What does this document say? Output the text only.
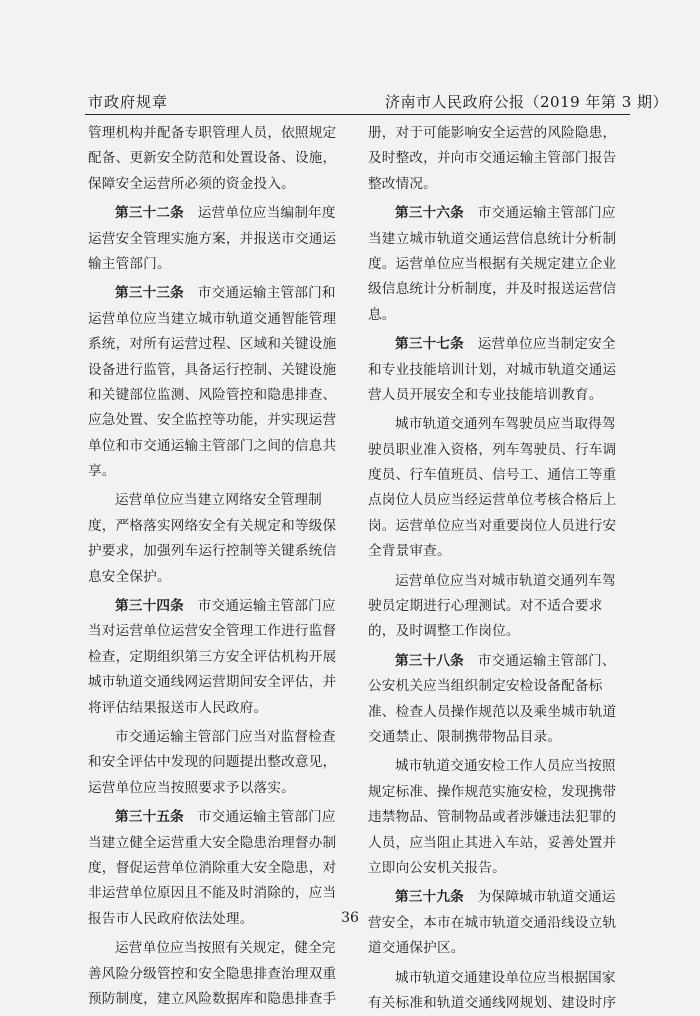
市政府规章	济南市人民政府公报（2019 年第 3 期）
管理机构并配备专职管理人员，依照规定
配备、更新安全防范和处置设备、设施，
保障安全运营所必须的资金投入。
第三十二条　运营单位应当编制年度
运营安全管理实施方案，并报送市交通运
输主管部门。
第三十三条　市交通运输主管部门和
运营单位应当建立城市轨道交通智能管理
系统，对所有运营过程、区域和关键设施
设备进行监管，具备运行控制、关键设施
和关键部位监测、风险管控和隐患排查、
应急处置、安全监控等功能，并实现运营
单位和市交通运输主管部门之间的信息共
享。
运营单位应当建立网络安全管理制
度，严格落实网络安全有关规定和等级保
护要求，加强列车运行控制等关键系统信
息安全保护。
第三十四条　市交通运输主管部门应
当对运营单位运营安全管理工作进行监督
检查，定期组织第三方安全评估机构开展
城市轨道交通线网运营期间安全评估，并
将评估结果报送市人民政府。
市交通运输主管部门应当对监督检查
和安全评估中发现的问题提出整改意见，
运营单位应当按照要求予以落实。
第三十五条　市交通运输主管部门应
当建立健全运营重大安全隐患治理督办制
度，督促运营单位消除重大安全隐患，对
非运营单位原因且不能及时消除的，应当
报告市人民政府依法处理。
运营单位应当按照有关规定，健全完
善风险分级管控和安全隐患排查治理双重
预防制度，建立风险数据库和隐患排查手
册，对于可能影响安全运营的风险隐患，
及时整改，并向市交通运输主管部门报告
整改情况。
第三十六条　市交通运输主管部门应
当建立城市轨道交通运营信息统计分析制
度。运营单位应当根据有关规定建立企业
级信息统计分析制度，并及时报送运营信
息。
第三十七条　运营单位应当制定安全
和专业技能培训计划，对城市轨道交通运
营人员开展安全和专业技能培训教育。
城市轨道交通列车驾驶员应当取得驾
驶员职业准入资格，列车驾驶员、行车调
度员、行车值班员、信号工、通信工等重
点岗位人员应当经运营单位考核合格后上
岗。运营单位应当对重要岗位人员进行安
全背景审查。
运营单位应当对城市轨道交通列车驾
驶员定期进行心理测试。对不适合要求
的，及时调整工作岗位。
第三十八条　市交通运输主管部门、
公安机关应当组织制定安检设备配备标
准、检查人员操作规范以及乘坐城市轨道
交通禁止、限制携带物品目录。
城市轨道交通安检工作人员应当按照
规定标准、操作规范实施安检，发现携带
违禁物品、管制物品或者涉嫌违法犯罪的
人员，应当阻止其进入车站，妥善处置并
立即向公安机关报告。
第三十九条　为保障城市轨道交通运
营安全，本市在城市轨道交通沿线设立轨
道交通保护区。
城市轨道交通建设单位应当根据国家
有关标准和轨道交通线网规划、建设时序
36
